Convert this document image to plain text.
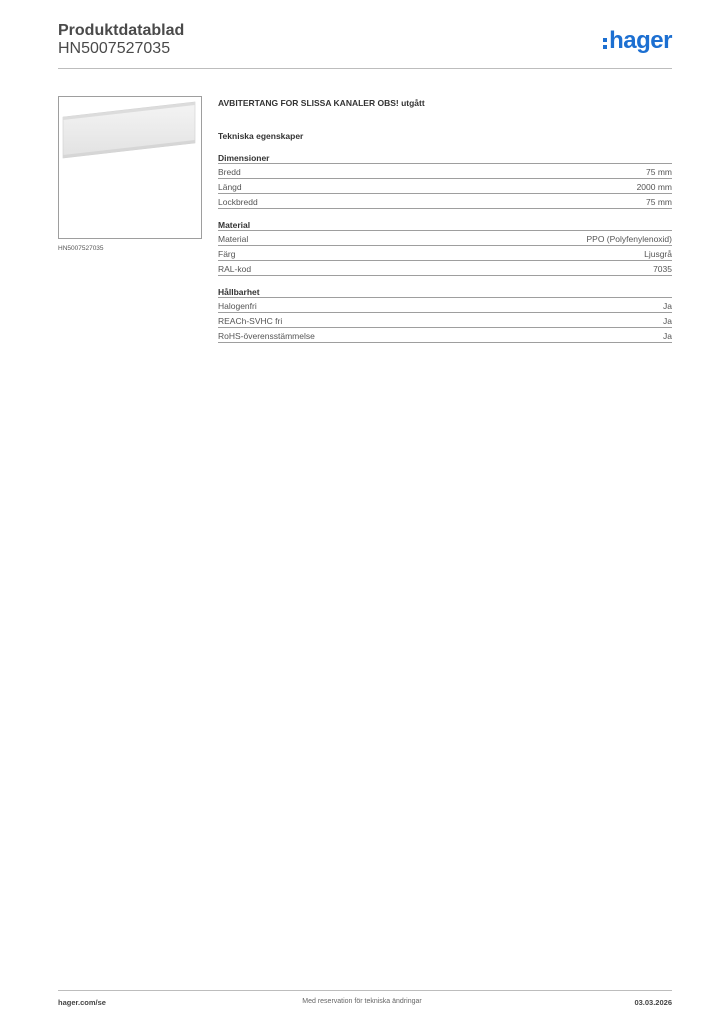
Produktdatablad
HN5007527035	hager
HN5007527035
AVBITERTANG FOR SLISSA KANALER OBS! utgått
Tekniska egenskaper
Dimensioner
Bredd	75 mm
Längd	2000 mm
Lockbredd	75 mm
Material
Material	PPO (Polyfenylenoxid)
Färg	Ljusgrå
RAL-kod	7035
Hållbarhet
Halogenfri	Ja
REACh-SVHC fri	Ja
RoHS-överensstämmelse	Ja
hager.com/se	Med reservation för tekniska ändringar	03.03.2026
